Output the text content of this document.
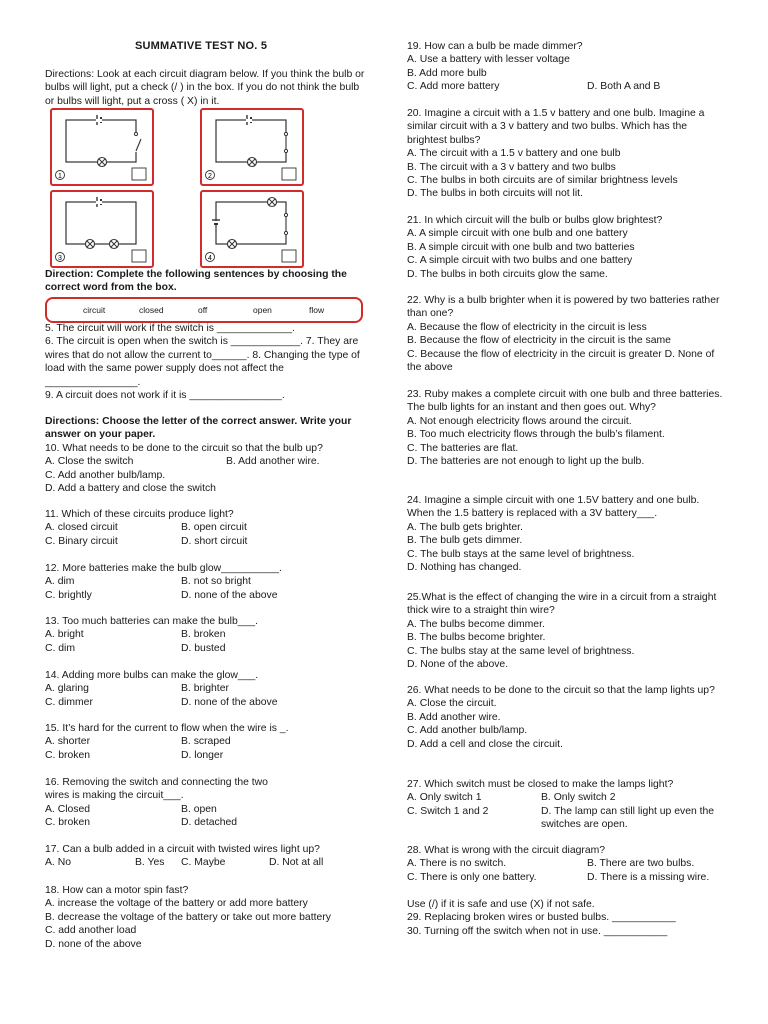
SUMMATIVE TEST NO. 5

Directions: Look at each circuit diagram below. If you think the bulb or bulbs will light, put a check (/ ) in the box. If you do not think the bulb or bulbs will light, put a cross ( X) in it.

1	2
3	4

Direction: Complete the following sentences by choosing the correct word from the box.

5. The circuit will work if the switch is _____________.

6. The circuit is open when the switch is ____________. 7. They are wires that do not allow the current to______. 8. Changing the type of load with the same power supply does not affect the ________________.

9. A circuit does not work if it is ________________.

Directions: Choose the letter of the correct answer. Write your answer on your paper.

10. What needs to be done to the circuit so that the bulb up?

A. Close the switch	B. Add another wire.

C. Add another bulb/lamp.

D. Add a battery and close the switch

11. Which of these circuits produce light?

A. closed circuit	B. open circuit

C. Binary circuit	D. short circuit

12. More batteries make the bulb glow__________.

A. dim	B. not so bright

C. brightly	D. none of the above

13. Too much batteries can make the bulb___.

A. bright	B. broken

C. dim	D. busted

14. Adding more bulbs can make the glow___.

A. glaring	B. brighter

C. dimmer	D. none of the above

15. It’s hard for the current to flow when the wire is _.

A. shorter	B. scraped

C. broken	D. longer

16. Removing the switch and connecting the two

wires is making the circuit___.

A. Closed	B. open

C. broken	D. detached

17. Can a bulb added in a circuit with twisted wires light up?

A. No	B. Yes	C. Maybe	D. Not at all

18. How can a motor spin fast?

A. increase the voltage of the battery or add more battery

B. decrease the voltage of the battery or take out more battery

C. add another load

D. none of the above

circuit	closed	off	open	flow

19. How can a bulb be made dimmer?

A. Use a battery with lesser voltage

B. Add more bulb

C. Add more battery	D. Both A and B

20. Imagine a circuit with a 1.5 v battery and one bulb. Imagine a similar circuit with a 3 v battery and two bulbs. Which has the brightest bulbs?

A. The circuit with a 1.5 v battery and one bulb

B. The circuit with a 3 v battery and two bulbs

C. The bulbs in both circuits are of similar brightness levels

D. The bulbs in both circuits will not lit.

21. In which circuit will the bulb or bulbs glow brightest?

A. A simple circuit with one bulb and one battery

B. A simple circuit with one bulb and two batteries

C. A simple circuit with two bulbs and one battery

D. The bulbs in both circuits glow the same.

22. Why is a bulb brighter when it is powered by two batteries rather than one?

A. Because the flow of electricity in the circuit is less

B. Because the flow of electricity in the circuit is the same

C. Because the flow of electricity in the circuit is greater D. None of the above

23. Ruby makes a complete circuit with one bulb and three batteries. The bulb lights for an instant and then goes out. Why?

A. Not enough electricity flows around the circuit.

B. Too much electricity flows through the bulb’s filament.

C. The batteries are flat.

D. The batteries are not enough to light up the bulb.

24. Imagine a simple circuit with one 1.5V battery and one bulb. When the 1.5 battery is replaced with a 3V battery___.

A. The bulb gets brighter.

B. The bulb gets dimmer.

C. The bulb stays at the same level of brightness.

D. Nothing has changed.

25.What is the effect of changing the wire in a circuit from a straight thick wire to a straight thin wire?

A. The bulbs become dimmer.

B. The bulbs become brighter.

C. The bulbs stay at the same level of brightness.

D. None of the above.

26. What needs to be done to the circuit so that the lamp lights up?

A. Close the circuit.

B. Add another wire.

C. Add another bulb/lamp.

D. Add a cell and close the circuit.

27. Which switch must be closed to make the lamps light?

A. Only switch 1	B. Only switch 2

C. Switch 1 and 2	D. The lamp can still light up even the switches are open.

28. What is wrong with the circuit diagram?

A. There is no switch.	B. There are two bulbs.

C. There is only one battery.	D. There is a missing wire.

Use (/) if it is safe and use (X) if not safe.

29. Replacing broken wires or busted bulbs. ___________

30. Turning off the switch when not in use. ___________
